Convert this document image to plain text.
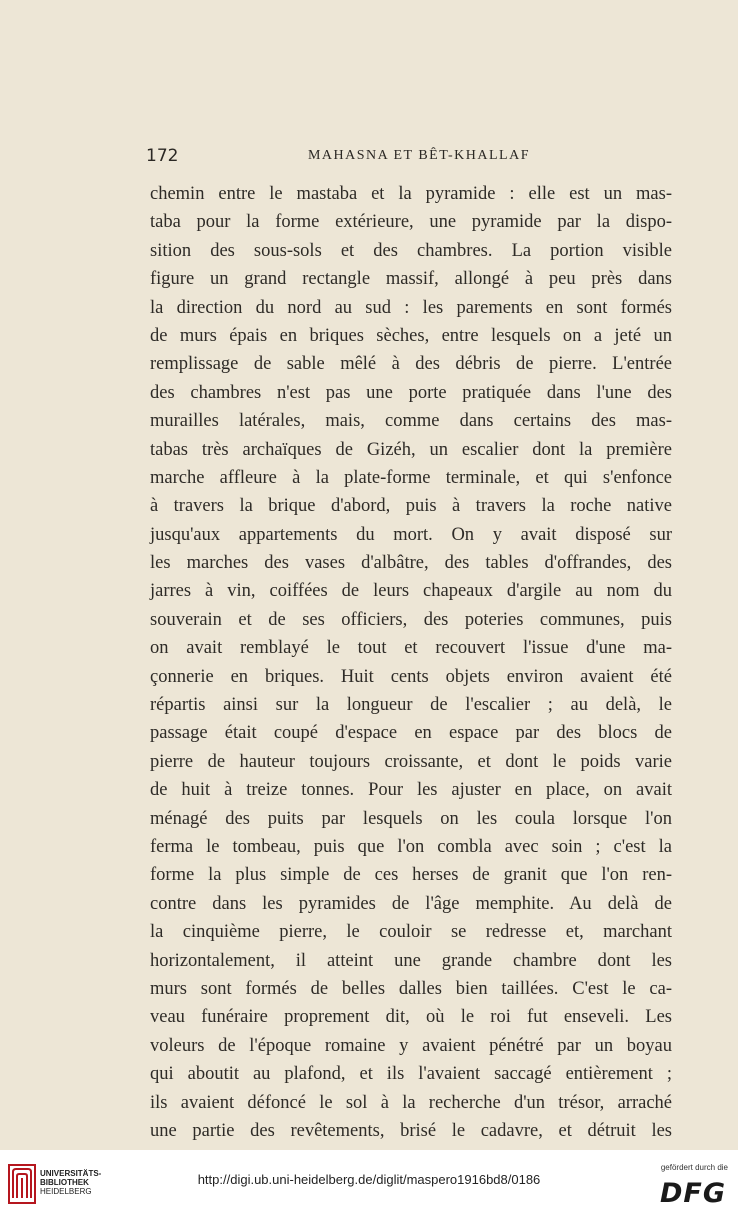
172	MAHASNA ET BÊT-KHALLAF
chemin entre le mastaba et la pyramide : elle est un mas-
taba pour la forme extérieure, une pyramide par la dispo-
sition des sous-sols et des chambres. La portion visible
figure un grand rectangle massif, allongé à peu près dans
la direction du nord au sud : les parements en sont formés
de murs épais en briques sèches, entre lesquels on a jeté un
remplissage de sable mêlé à des débris de pierre. L'entrée
des chambres n'est pas une porte pratiquée dans l'une des
murailles latérales, mais, comme dans certains des mas-
tabas très archaïques de Gizéh, un escalier dont la première
marche affleure à la plate-forme terminale, et qui s'enfonce
à travers la brique d'abord, puis à travers la roche native
jusqu'aux appartements du mort. On y avait disposé sur
les marches des vases d'albâtre, des tables d'offrandes, des
jarres à vin, coiffées de leurs chapeaux d'argile au nom du
souverain et de ses officiers, des poteries communes, puis
on avait remblayé le tout et recouvert l'issue d'une ma-
çonnerie en briques. Huit cents objets environ avaient été
répartis ainsi sur la longueur de l'escalier ; au delà, le
passage était coupé d'espace en espace par des blocs de
pierre de hauteur toujours croissante, et dont le poids varie
de huit à treize tonnes. Pour les ajuster en place, on avait
ménagé des puits par lesquels on les coula lorsque l'on
ferma le tombeau, puis que l'on combla avec soin ; c'est la
forme la plus simple de ces herses de granit que l'on ren-
contre dans les pyramides de l'âge memphite. Au delà de
la cinquième pierre, le couloir se redresse et, marchant
horizontalement, il atteint une grande chambre dont les
murs sont formés de belles dalles bien taillées. C'est le ca-
veau funéraire proprement dit, où le roi fut enseveli. Les
voleurs de l'époque romaine y avaient pénétré par un boyau
qui aboutit au plafond, et ils l'avaient saccagé entièrement ;
ils avaient défoncé le sol à la recherche d'un trésor, arraché
une partie des revêtements, brisé le cadavre, et détruit les
UNIVERSITÄTS-
BIBLIOTHEK
HEIDELBERG
http://digi.ub.uni-heidelberg.de/diglit/maspero1916bd8/0186
gefördert durch die
DFG
